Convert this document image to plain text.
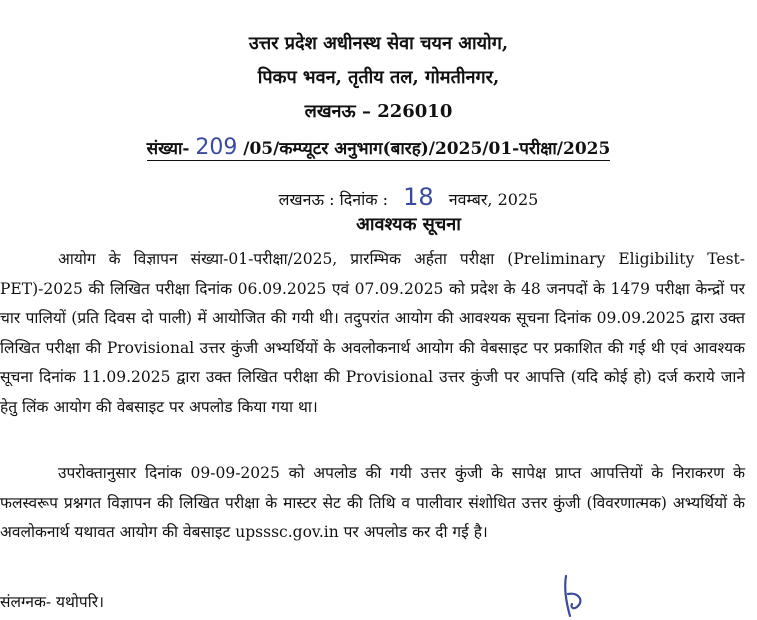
उत्तर प्रदेश अधीनस्थ सेवा चयन आयोग,
पिकप भवन, तृतीय तल, गोमतीनगर,
लखनऊ – 226010
संख्या- 209 /05/कम्प्यूटर अनुभाग(बारह)/2025/01-परीक्षा/2025
लखनऊ : दिनांक : 18 नवम्बर, 2025
आवश्यक सूचना
आयोग के विज्ञापन संख्या-01-परीक्षा/2025, प्रारम्भिक अर्हता परीक्षा (Preliminary Eligibility Test-PET)-2025 की लिखित परीक्षा दिनांक 06.09.2025 एवं 07.09.2025 को प्रदेश के 48 जनपदों के 1479 परीक्षा केन्द्रों पर चार पालियों (प्रति दिवस दो पाली) में आयोजित की गयी थी। तदुपरांत आयोग की आवश्यक सूचना दिनांक 09.09.2025 द्वारा उक्त लिखित परीक्षा की Provisional उत्तर कुंजी अभ्यर्थियों के अवलोकनार्थ आयोग की वेबसाइट पर प्रकाशित की गई थी एवं आवश्यक सूचना दिनांक 11.09.2025 द्वारा उक्त लिखित परीक्षा की Provisional उत्तर कुंजी पर आपत्ति (यदि कोई हो) दर्ज कराये जाने हेतु लिंक आयोग की वेबसाइट पर अपलोड किया गया था।
उपरोक्तानुसार दिनांक 09-09-2025 को अपलोड की गयी उत्तर कुंजी के सापेक्ष प्राप्त आपत्तियों के निराकरण के फलस्वरूप प्रश्नगत विज्ञापन की लिखित परीक्षा के मास्टर सेट की तिथि व पालीवार संशोधित उत्तर कुंजी (विवरणात्मक) अभ्यर्थियों के अवलोकनार्थ यथावत आयोग की वेबसाइट upsssc.gov.in पर अपलोड कर दी गई है।
संलग्नक- यथोपरि।
